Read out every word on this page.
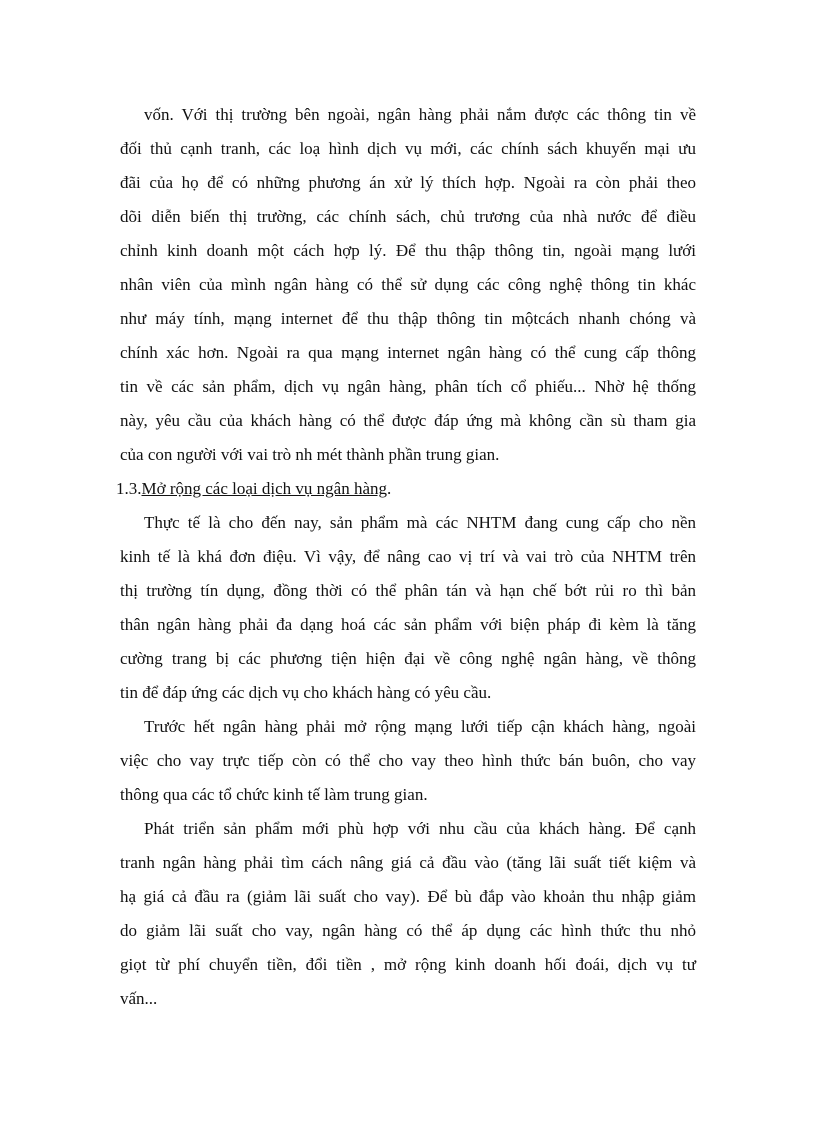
vốn. Với thị trường bên ngoài, ngân hàng phải nắm được các thông tin về
đối thủ cạnh tranh, các loạ hình dịch vụ mới, các chính sách khuyến mại ưu
đãi của họ để có những phương án xử lý thích hợp. Ngoài ra còn phải theo
dõi diễn biến thị trường, các chính sách, chủ trương của nhà nước để điều
chỉnh kinh doanh một cách hợp lý. Để thu thập thông tin, ngoài mạng lưới
nhân viên của mình ngân hàng có thể sử dụng các công nghệ thông tin khác
như máy tính, mạng internet để thu thập thông tin mộtcách nhanh chóng và
chính xác hơn. Ngoài ra qua mạng internet ngân hàng có thể cung cấp thông
tin về các sản phẩm, dịch vụ ngân hàng, phân tích cổ phiếu... Nhờ hệ thống
này, yêu cầu của khách hàng có thể được đáp ứng mà không cần sù tham gia
của con người với vai trò nh mét thành phần trung gian.
1.3.Mở rộng các loại dịch vụ ngân hàng.
Thực tế là cho đến nay, sản phẩm mà các NHTM đang cung cấp cho nền
kinh tế là khá đơn điệu. Vì vậy, để nâng cao vị trí và vai trò của NHTM trên
thị trường tín dụng, đồng thời có thể phân tán và hạn chế bớt rủi ro thì bản
thân ngân hàng phải đa dạng hoá các sản phẩm với biện pháp đi kèm là tăng
cường trang bị các phương tiện hiện đại về công nghệ ngân hàng, về thông
tin để đáp ứng các dịch vụ cho khách hàng có yêu cầu.
Trước hết ngân hàng phải mở rộng mạng lưới tiếp cận khách hàng, ngoài
việc cho vay trực tiếp còn có thể cho vay theo hình thức bán buôn, cho vay
thông qua các tổ chức kinh tế làm trung gian.
Phát triển sản phẩm mới phù hợp với nhu cầu của khách hàng. Để cạnh
tranh ngân hàng phải tìm cách nâng giá cả đầu vào (tăng lãi suất tiết kiệm và
hạ giá cả đầu ra (giảm lãi suất cho vay). Để bù đắp vào khoản thu nhập giảm
do giảm lãi suất cho vay, ngân hàng có thể áp dụng các hình thức thu nhỏ
giọt từ phí chuyển tiền, đổi tiền , mở rộng kinh doanh hối đoái, dịch vụ tư
vấn...
